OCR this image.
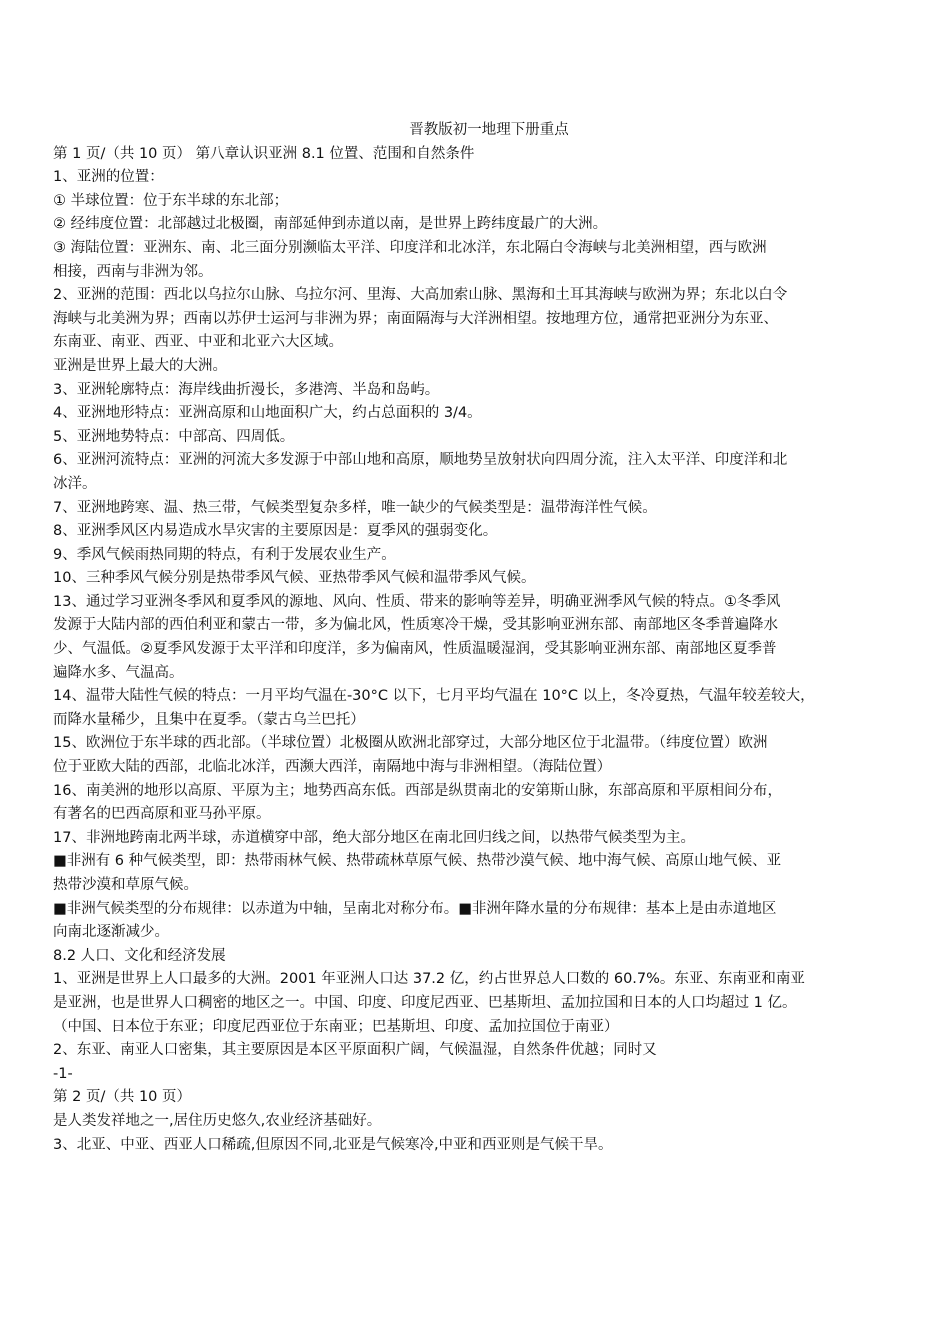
晋教版初一地理下册重点
第 1 页/（共 10 页） 第八章认识亚洲 8.1 位置、范围和自然条件
1、亚洲的位置：
① 半球位置：位于东半球的东北部；
② 经纬度位置：北部越过北极圈，南部延伸到赤道以南，是世界上跨纬度最广的大洲。
③ 海陆位置：亚洲东、南、北三面分别濒临太平洋、印度洋和北冰洋，东北隔白令海峡与北美洲相望，西与欧洲
相接，西南与非洲为邻。
2、亚洲的范围：西北以乌拉尔山脉、乌拉尔河、里海、大高加索山脉、黑海和土耳其海峡与欧洲为界；东北以白令
海峡与北美洲为界；西南以苏伊士运河与非洲为界；南面隔海与大洋洲相望。按地理方位，通常把亚洲分为东亚、
东南亚、南亚、西亚、中亚和北亚六大区域。
亚洲是世界上最大的大洲。
3、亚洲轮廓特点：海岸线曲折漫长，多港湾、半岛和岛屿。
4、亚洲地形特点：亚洲高原和山地面积广大，约占总面积的 3/4。
5、亚洲地势特点：中部高、四周低。
6、亚洲河流特点：亚洲的河流大多发源于中部山地和高原，顺地势呈放射状向四周分流，注入太平洋、印度洋和北
冰洋。
7、亚洲地跨寒、温、热三带，气候类型复杂多样，唯一缺少的气候类型是：温带海洋性气候。
8、亚洲季风区内易造成水旱灾害的主要原因是：夏季风的强弱变化。
9、季风气候雨热同期的特点，有利于发展农业生产。
10、三种季风气候分别是热带季风气候、亚热带季风气候和温带季风气候。
13、通过学习亚洲冬季风和夏季风的源地、风向、性质、带来的影响等差异，明确亚洲季风气候的特点。①冬季风
发源于大陆内部的西伯利亚和蒙古一带，多为偏北风，性质寒冷干燥，受其影响亚洲东部、南部地区冬季普遍降水
少、气温低。②夏季风发源于太平洋和印度洋，多为偏南风，性质温暖湿润，受其影响亚洲东部、南部地区夏季普
遍降水多、气温高。
14、温带大陆性气候的特点：一月平均气温在-30°C 以下，七月平均气温在 10°C 以上，冬冷夏热，气温年较差较大，
而降水量稀少，且集中在夏季。（蒙古乌兰巴托）
15、欧洲位于东半球的西北部。（半球位置）北极圈从欧洲北部穿过，大部分地区位于北温带。（纬度位置）欧洲
位于亚欧大陆的西部，北临北冰洋，西濒大西洋，南隔地中海与非洲相望。（海陆位置）
16、南美洲的地形以高原、平原为主；地势西高东低。西部是纵贯南北的安第斯山脉，东部高原和平原相间分布，
有著名的巴西高原和亚马孙平原。
17、非洲地跨南北两半球，赤道横穿中部，绝大部分地区在南北回归线之间，以热带气候类型为主。
■非洲有 6 种气候类型，即：热带雨林气候、热带疏林草原气候、热带沙漠气候、地中海气候、高原山地气候、亚
热带沙漠和草原气候。
■非洲气候类型的分布规律：以赤道为中轴，呈南北对称分布。■非洲年降水量的分布规律：基本上是由赤道地区
向南北逐渐减少。
8.2 人口、文化和经济发展
1、亚洲是世界上人口最多的大洲。2001 年亚洲人口达 37.2 亿，约占世界总人口数的 60.7%。东亚、东南亚和南亚
是亚洲，也是世界人口稠密的地区之一。中国、印度、印度尼西亚、巴基斯坦、孟加拉国和日本的人口均超过 1 亿。
（中国、日本位于东亚；印度尼西亚位于东南亚；巴基斯坦、印度、孟加拉国位于南亚）
2、东亚、南亚人口密集，其主要原因是本区平原面积广阔，气候温湿，自然条件优越；同时又
-1-
第 2 页/（共 10 页）
是人类发祥地之一,居住历史悠久,农业经济基础好。
3、北亚、中亚、西亚人口稀疏,但原因不同,北亚是气候寒冷,中亚和西亚则是气候干旱。
